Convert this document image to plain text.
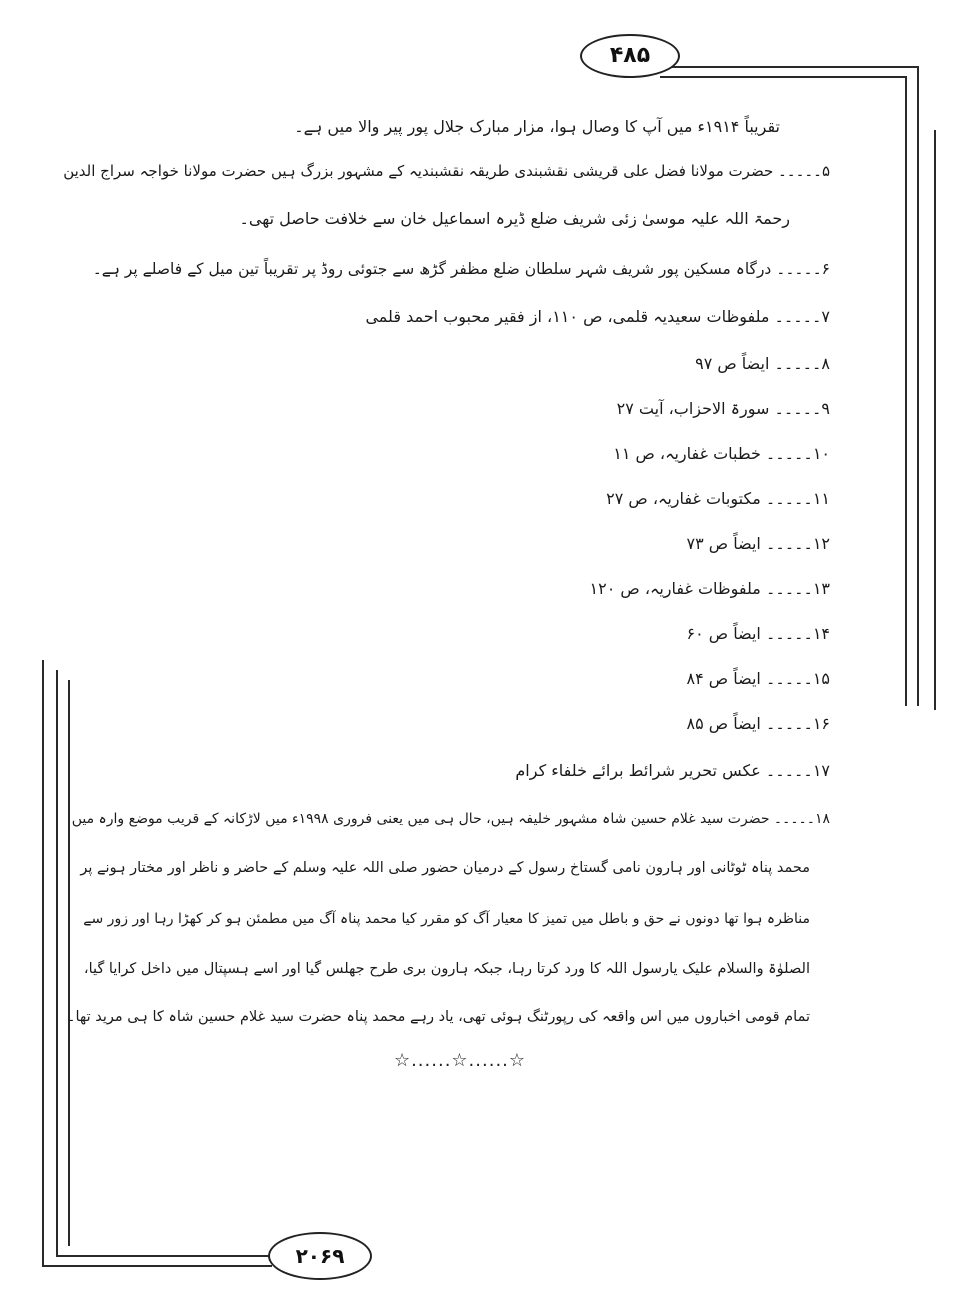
۴۸۵
۲۰۶۹
تقریباً ۱۹۱۴ء میں آپ کا وصال ہوا، مزار مبارک جلال پور پیر والا میں ہے۔
۵۔۔۔۔۔ حضرت مولانا فضل علی قریشی نقشبندی طریقہ نقشبندیہ کے مشہور بزرگ ہیں حضرت مولانا خواجہ سراج الدین
رحمۃ اللہ علیہ موسیٰ زئی شریف ضلع ڈیرہ اسماعیل خان سے خلافت حاصل تھی۔
۶۔۔۔۔۔ درگاہ مسکین پور شریف شہر سلطان ضلع مظفر گڑھ سے جتوئی روڈ پر تقریباً تین میل کے فاصلے پر ہے۔
۷۔۔۔۔۔ ملفوظات سعیدیہ قلمی، ص ۱۱۰، از فقیر محبوب احمد قلمی
۸۔۔۔۔۔ ایضاً ص ۹۷
۹۔۔۔۔۔ سورۃ الاحزاب، آیت ۲۷
۱۰۔۔۔۔۔ خطبات غفاریہ، ص ۱۱
۱۱۔۔۔۔۔ مکتوبات غفاریہ، ص ۲۷
۱۲۔۔۔۔۔ ایضاً ص ۷۳
۱۳۔۔۔۔۔ ملفوظات غفاریہ، ص ۱۲۰
۱۴۔۔۔۔۔ ایضاً ص ۶۰
۱۵۔۔۔۔۔ ایضاً ص ۸۴
۱۶۔۔۔۔۔ ایضاً ص ۸۵
۱۷۔۔۔۔۔ عکس تحریر شرائط برائے خلفاء کرام
۱۸۔۔۔۔۔ حضرت سید غلام حسین شاہ مشہور خلیفہ ہیں، حال ہی میں یعنی فروری ۱۹۹۸ء میں لاڑکانہ کے قریب موضع وارہ میں
محمد پناہ ٹوٹانی اور ہارون نامی گستاخ رسول کے درمیان حضور صلی اللہ علیہ وسلم کے حاضر و ناظر اور مختار ہونے پر
مناظرہ ہوا تھا دونوں نے حق و باطل میں تمیز کا معیار آگ کو مقرر کیا محمد پناہ آگ میں مطمئن ہو کر کھڑا رہا اور زور سے
الصلوٰۃ والسلام علیک یارسول اللہ کا ورد کرتا رہا، جبکہ ہارون بری طرح جھلس گیا اور اسے ہسپتال میں داخل کرایا گیا،
تمام قومی اخباروں میں اس واقعہ کی رپورٹنگ ہوئی تھی، یاد رہے محمد پناہ حضرت سید غلام حسین شاہ کا ہی مرید تھا۔
☆......☆......☆
